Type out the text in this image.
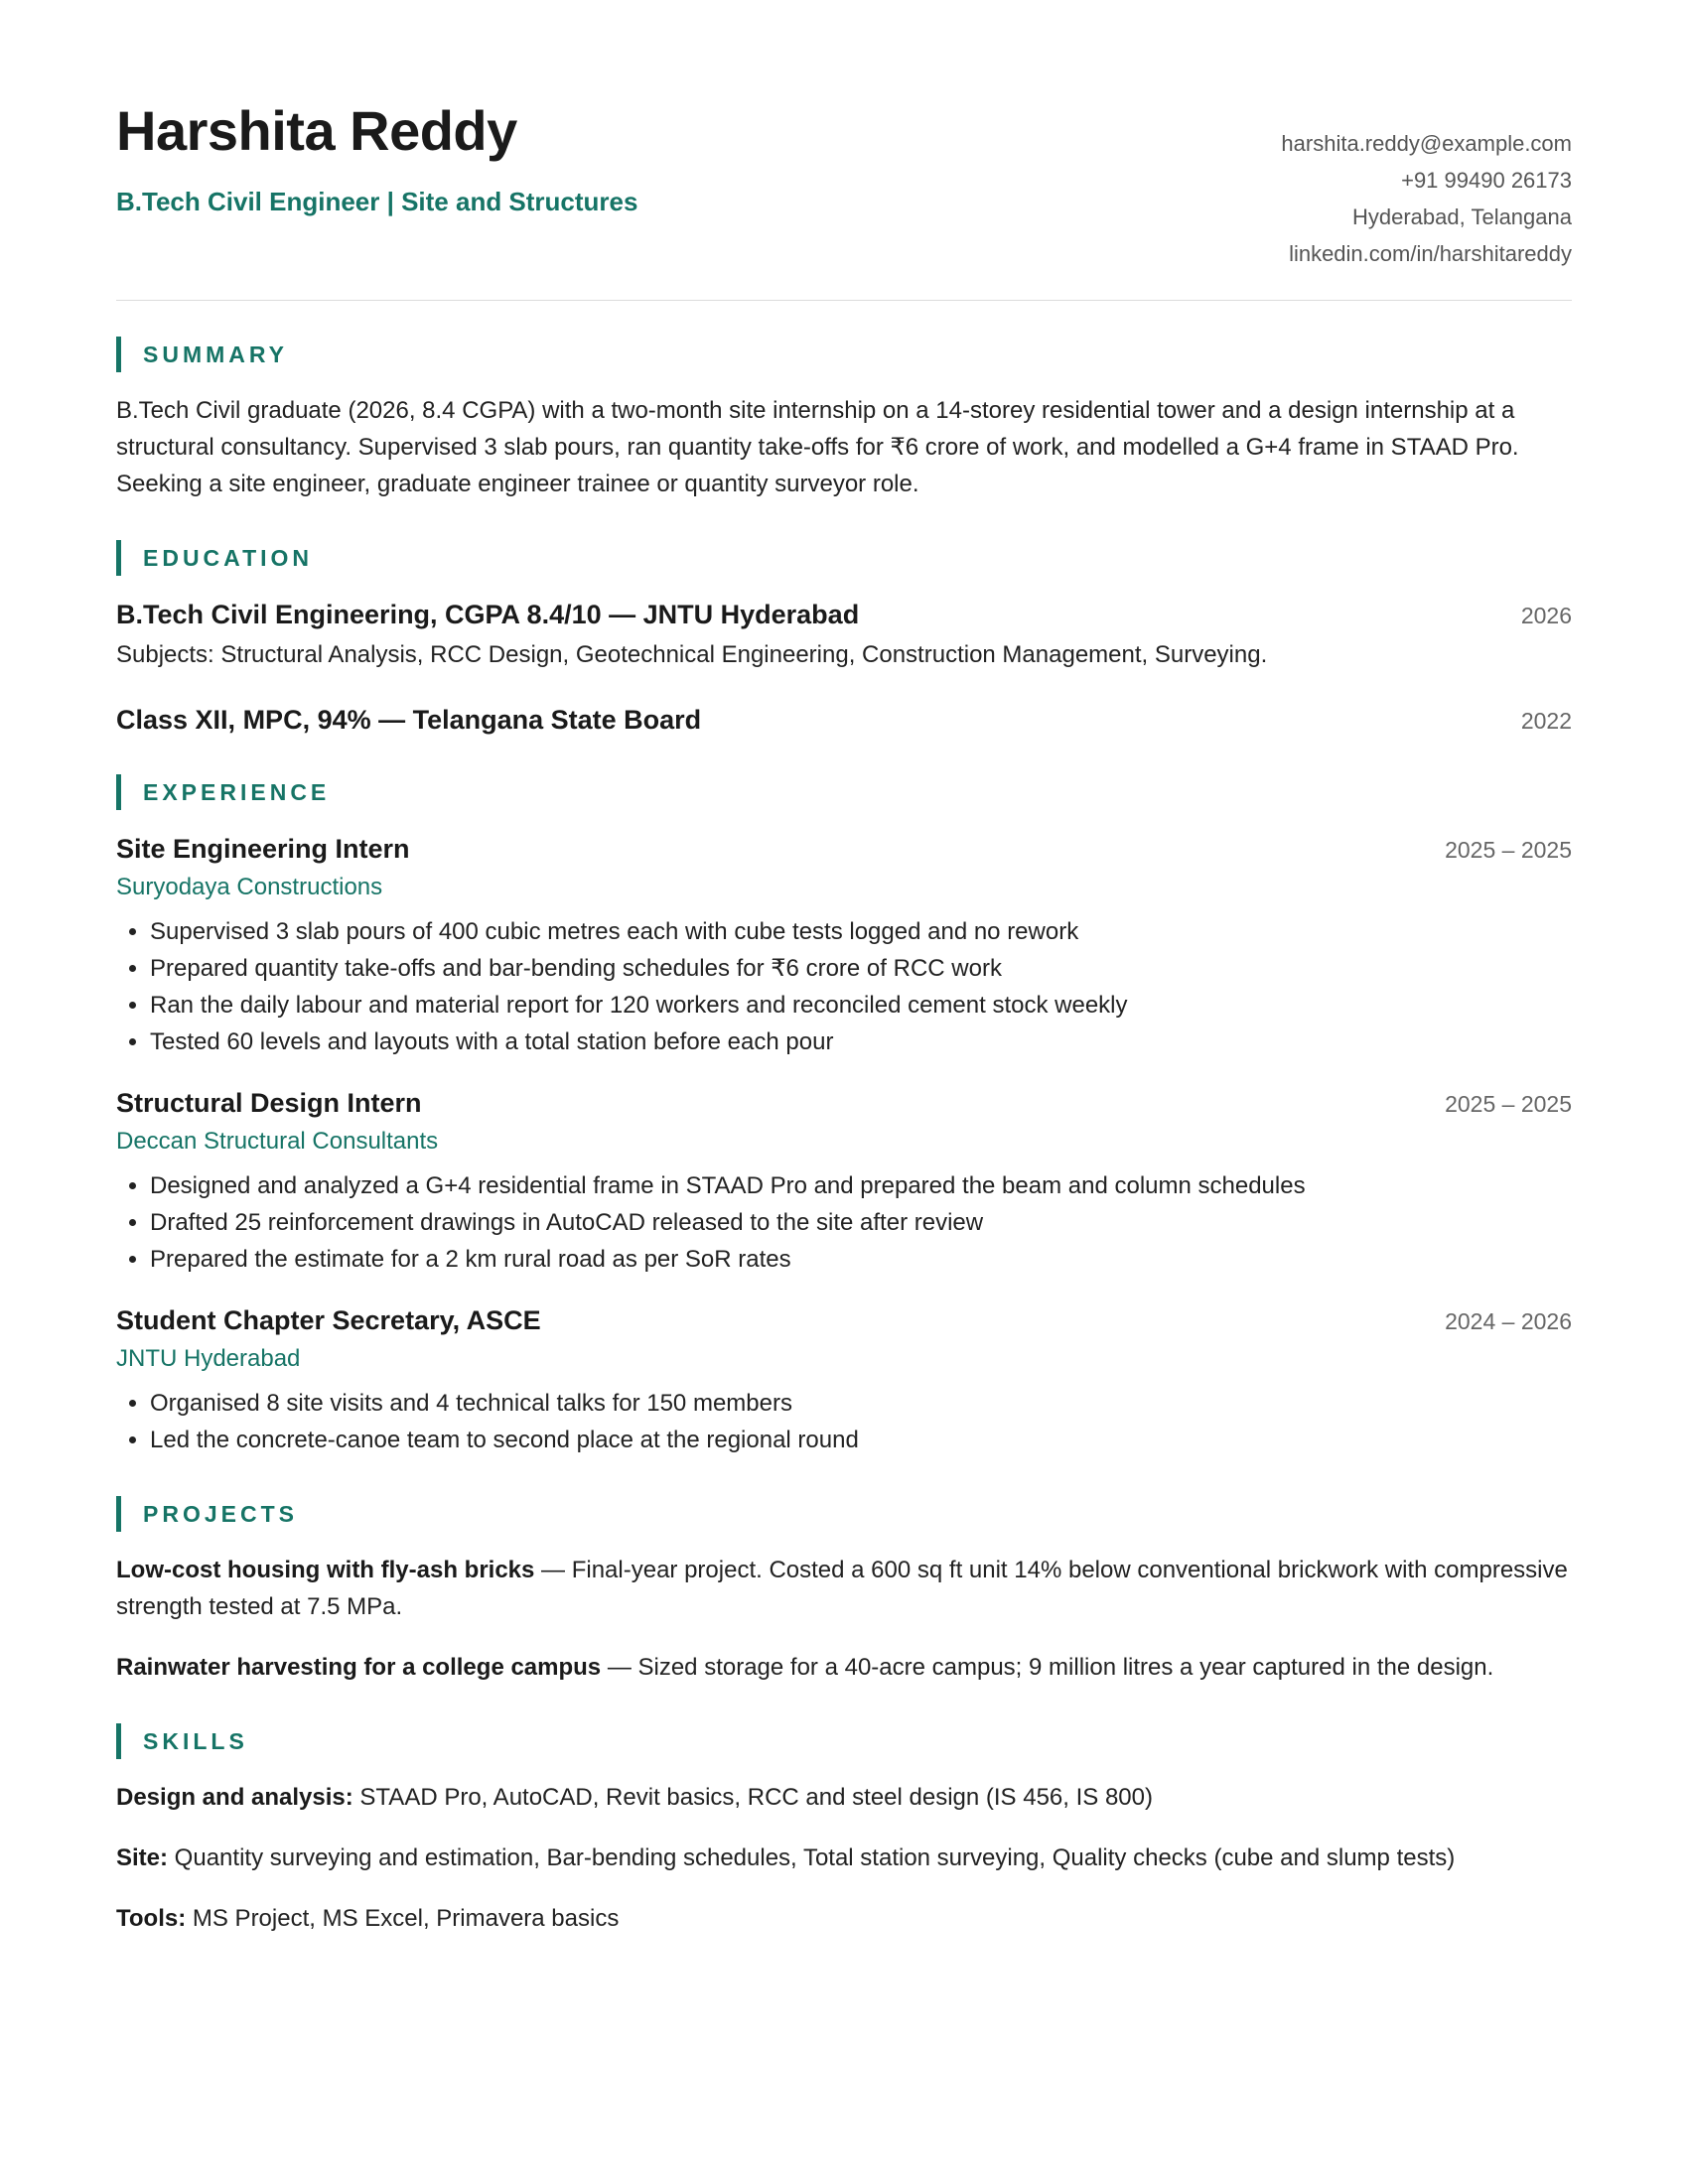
Harshita Reddy
B.Tech Civil Engineer | Site and Structures
harshita.reddy@example.com
+91 99490 26173
Hyderabad, Telangana
linkedin.com/in/harshitareddy
SUMMARY
B.Tech Civil graduate (2026, 8.4 CGPA) with a two-month site internship on a 14-storey residential tower and a design internship at a structural consultancy. Supervised 3 slab pours, ran quantity take-offs for ₹6 crore of work, and modelled a G+4 frame in STAAD Pro. Seeking a site engineer, graduate engineer trainee or quantity surveyor role.
EDUCATION
B.Tech Civil Engineering, CGPA 8.4/10 — JNTU Hyderabad	2026
Subjects: Structural Analysis, RCC Design, Geotechnical Engineering, Construction Management, Surveying.
Class XII, MPC, 94% — Telangana State Board	2022
EXPERIENCE
Site Engineering Intern	2025 – 2025
Suryodaya Constructions
• Supervised 3 slab pours of 400 cubic metres each with cube tests logged and no rework
• Prepared quantity take-offs and bar-bending schedules for ₹6 crore of RCC work
• Ran the daily labour and material report for 120 workers and reconciled cement stock weekly
• Tested 60 levels and layouts with a total station before each pour
Structural Design Intern	2025 – 2025
Deccan Structural Consultants
• Designed and analyzed a G+4 residential frame in STAAD Pro and prepared the beam and column schedules
• Drafted 25 reinforcement drawings in AutoCAD released to the site after review
• Prepared the estimate for a 2 km rural road as per SoR rates
Student Chapter Secretary, ASCE	2024 – 2026
JNTU Hyderabad
• Organised 8 site visits and 4 technical talks for 150 members
• Led the concrete-canoe team to second place at the regional round
PROJECTS
Low-cost housing with fly-ash bricks — Final-year project. Costed a 600 sq ft unit 14% below conventional brickwork with compressive strength tested at 7.5 MPa.
Rainwater harvesting for a college campus — Sized storage for a 40-acre campus; 9 million litres a year captured in the design.
SKILLS
Design and analysis: STAAD Pro, AutoCAD, Revit basics, RCC and steel design (IS 456, IS 800)
Site: Quantity surveying and estimation, Bar-bending schedules, Total station surveying, Quality checks (cube and slump tests)
Tools: MS Project, MS Excel, Primavera basics
